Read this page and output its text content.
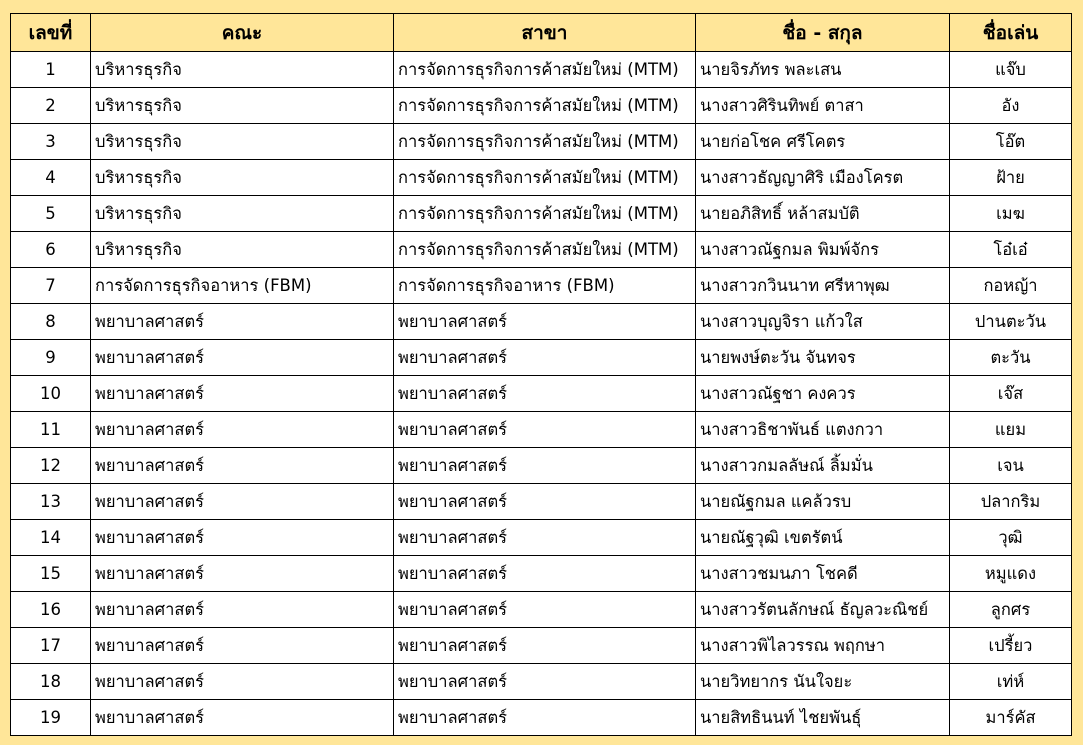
เลขที่	คณะ	สาขา	ชื่อ - สกุล	ชื่อเล่น
1	บริหารธุรกิจ	การจัดการธุรกิจการค้าสมัยใหม่ (MTM)	นายจิรภัทร พละเสน	แจ๊บ
2	บริหารธุรกิจ	การจัดการธุรกิจการค้าสมัยใหม่ (MTM)	นางสาวศิรินทิพย์ ตาสา	อัง
3	บริหารธุรกิจ	การจัดการธุรกิจการค้าสมัยใหม่ (MTM)	นายก่อโชค ศรีโคตร	โอ๊ต
4	บริหารธุรกิจ	การจัดการธุรกิจการค้าสมัยใหม่ (MTM)	นางสาวธัญญาศิริ เมืองโครต	ฝ้าย
5	บริหารธุรกิจ	การจัดการธุรกิจการค้าสมัยใหม่ (MTM)	นายอภิสิทธิ์ หล้าสมบัติ	เมฆ
6	บริหารธุรกิจ	การจัดการธุรกิจการค้าสมัยใหม่ (MTM)	นางสาวณัฐกมล พิมพ์จักร	โอ๋เอ๋
7	การจัดการธุรกิจอาหาร (FBM)	การจัดการธุรกิจอาหาร (FBM)	นางสาวกวินนาท ศรีหาพุฒ	กอหญ้า
8	พยาบาลศาสตร์	พยาบาลศาสตร์	นางสาวบุญจิรา แก้วใส	ปานตะวัน
9	พยาบาลศาสตร์	พยาบาลศาสตร์	นายพงษ์ตะวัน จันทจร	ตะวัน
10	พยาบาลศาสตร์	พยาบาลศาสตร์	นางสาวณัฐชา คงควร	เจ๊ส
11	พยาบาลศาสตร์	พยาบาลศาสตร์	นางสาวธิชาพันธ์ แตงกวา	แยม
12	พยาบาลศาสตร์	พยาบาลศาสตร์	นางสาวกมลลัษณ์ ลิ้มมั่น	เจน
13	พยาบาลศาสตร์	พยาบาลศาสตร์	นายณัฐกมล แคล้วรบ	ปลากริม
14	พยาบาลศาสตร์	พยาบาลศาสตร์	นายณัฐวุฒิ เขตรัตน์	วุฒิ
15	พยาบาลศาสตร์	พยาบาลศาสตร์	นางสาวชมนภา โชคดี	หมูแดง
16	พยาบาลศาสตร์	พยาบาลศาสตร์	นางสาวรัตนลักษณ์ ธัญลวะณิชย์	ลูกศร
17	พยาบาลศาสตร์	พยาบาลศาสตร์	นางสาวพิไลวรรณ พฤกษา	เปรี้ยว
18	พยาบาลศาสตร์	พยาบาลศาสตร์	นายวิทยากร นันใจยะ	เท่ห์
19	พยาบาลศาสตร์	พยาบาลศาสตร์	นายสิทธินนท์ ไชยพันธุ์	มาร์คัส
